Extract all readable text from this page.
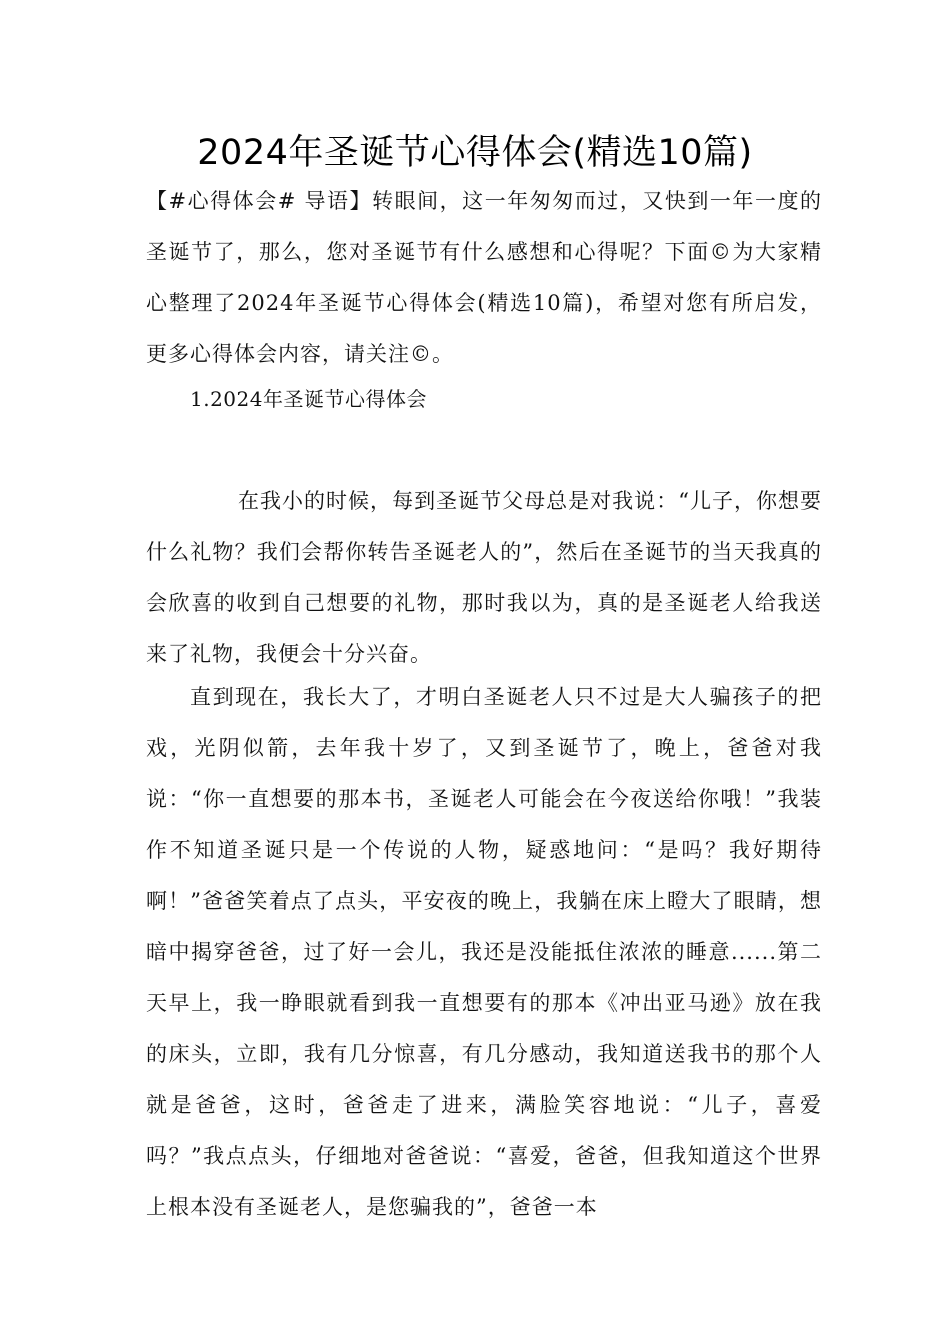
2024年圣诞节心得体会(精选10篇)

【#心得体会# 导语】转眼间，这一年匆匆而过，又快到一年一度的圣诞节了，那么，您对圣诞节有什么感想和心得呢？下面©为大家精心整理了2024年圣诞节心得体会(精选10篇)，希望对您有所启发，更多心得体会内容，请关注©。

1.2024年圣诞节心得体会

在我小的时候，每到圣诞节父母总是对我说：“儿子，你想要什么礼物？我们会帮你转告圣诞老人的”，然后在圣诞节的当天我真的会欣喜的收到自己想要的礼物，那时我以为，真的是圣诞老人给我送来了礼物，我便会十分兴奋。

直到现在，我长大了，才明白圣诞老人只不过是大人骗孩子的把戏，光阴似箭，去年我十岁了，又到圣诞节了，晚上，爸爸对我说：“你一直想要的那本书，圣诞老人可能会在今夜送给你哦！”我装作不知道圣诞只是一个传说的人物，疑惑地问：“是吗？我好期待啊！”爸爸笑着点了点头，平安夜的晚上，我躺在床上瞪大了眼睛，想暗中揭穿爸爸，过了好一会儿，我还是没能抵住浓浓的睡意......第二天早上，我一睁眼就看到我一直想要有的那本《冲出亚马逊》放在我的床头，立即，我有几分惊喜，有几分感动，我知道送我书的那个人就是爸爸，这时，爸爸走了进来，满脸笑容地说：“儿子，喜爱吗？”我点点头，仔细地对爸爸说：“喜爱，爸爸，但我知道这个世界上根本没有圣诞老人，是您骗我的”，爸爸一本
